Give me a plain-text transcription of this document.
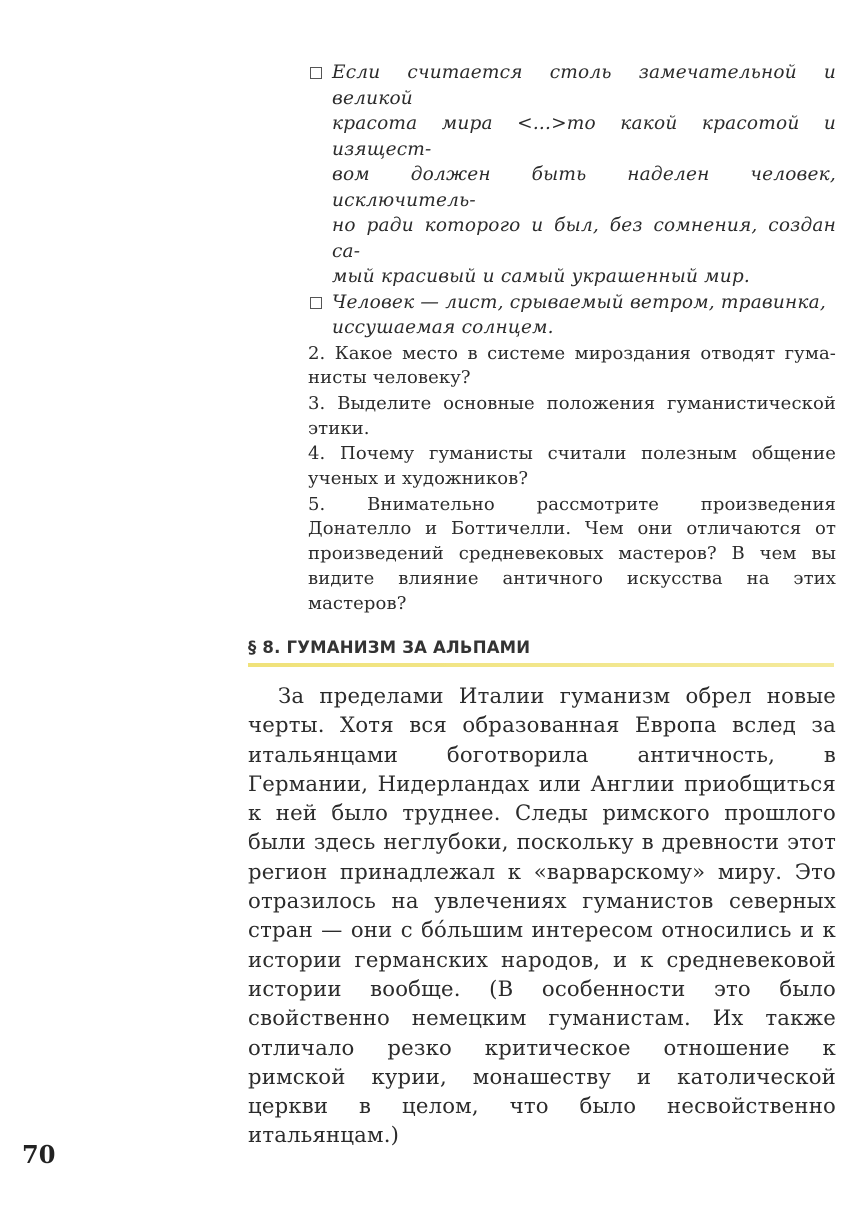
Если считается столь замечательной и великой
красота мира <...>то какой красотой и изящест-
вом должен быть наделен человек, исключитель-
но ради которого и был, без сомнения, создан са-
мый красивый и самый украшенный мир.
Человек — лист, срываемый ветром, травинка,
иссушаемая солнцем.
2. Какое место в системе мироздания отводят гума-нисты человеку?
3. Выделите основные положения гуманистической этики.
4. Почему гуманисты считали полезным общение ученых и художников?
5. Внимательно рассмотрите произведения Донателло и Боттичелли. Чем они отличаются от произведений средневековых мастеров? В чем вы видите влияние античного искусства на этих мастеров?
§ 8. ГУМАНИЗМ ЗА АЛЬПАМИ

За пределами Италии гуманизм обрел новые черты. Хотя вся образованная Европа вслед за итальянцами боготворила античность, в Германии, Нидерландах или Англии приобщиться к ней было труднее. Следы римского прошлого были здесь неглубоки, поскольку в древности этот регион принадлежал к «варварскому» миру. Это отразилось на увлечениях гуманистов северных стран — они с бóльшим интересом относились и к истории германских народов, и к средневековой истории вообще. (В особенности это было свойственно немецким гуманистам. Их также отличало резко критическое отношение к римской курии, монашеству и католической церкви в целом, что было несвойственно итальянцам.)

70
